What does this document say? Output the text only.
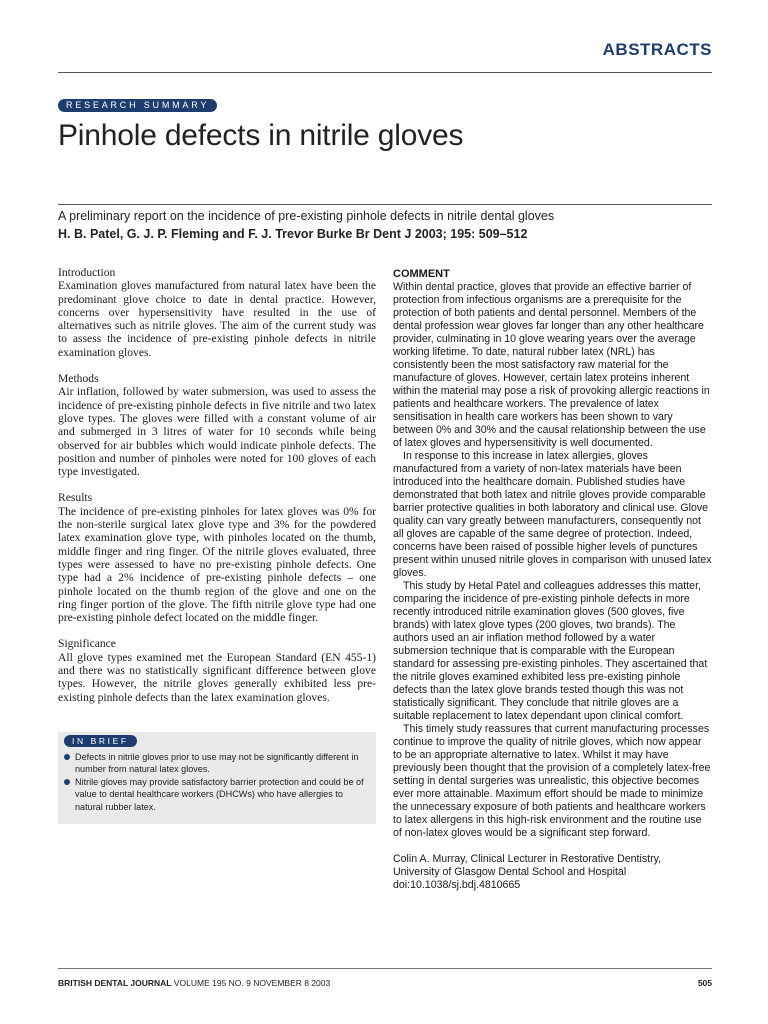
ABSTRACTS
RESEARCH SUMMARY
Pinhole defects in nitrile gloves
A preliminary report on the incidence of pre-existing pinhole defects in nitrile dental gloves
H. B. Patel, G. J. P. Fleming and F. J. Trevor Burke Br Dent J 2003; 195: 509–512
Introduction

Examination gloves manufactured from natural latex have been the predominant glove choice to date in dental practice. However, concerns over hypersensitivity have resulted in the use of alternatives such as nitrile gloves. The aim of the current study was to assess the incidence of pre-existing pinhole defects in nitrile examination gloves.

Methods

Air inflation, followed by water submersion, was used to assess the incidence of pre-existing pinhole defects in five nitrile and two latex glove types. The gloves were filled with a constant volume of air and submerged in 3 litres of water for 10 seconds while being observed for air bubbles which would indicate pinhole defects. The position and number of pinholes were noted for 100 gloves of each type investigated.

Results

The incidence of pre-existing pinholes for latex gloves was 0% for the non-sterile surgical latex glove type and 3% for the powdered latex examination glove type, with pinholes located on the thumb, middle finger and ring finger. Of the nitrile gloves evaluated, three types were assessed to have no pre-existing pinhole defects. One type had a 2% incidence of pre-existing pinhole defects – one pinhole located on the thumb region of the glove and one on the ring finger portion of the glove. The fifth nitrile glove type had one pre-existing pinhole defect located on the middle finger.

Significance

All glove types examined met the European Standard (EN 455-1) and there was no statistically significant difference between glove types. However, the nitrile gloves generally exhibited less pre-existing pinhole defects than the latex examination gloves.

IN BRIEF
Defects in nitrile gloves prior to use may not be significantly different in number from natural latex gloves.
Nitrile gloves may provide satisfactory barrier protection and could be of value to dental healthcare workers (DHCWs) who have allergies to natural rubber latex.
COMMENT

Within dental practice, gloves that provide an effective barrier of protection from infectious organisms are a prerequisite for the protection of both patients and dental personnel. Members of the dental profession wear gloves far longer than any other healthcare provider, culminating in 10 glove wearing years over the average working lifetime. To date, natural rubber latex (NRL) has consistently been the most satisfactory raw material for the manufacture of gloves. However, certain latex proteins inherent within the material may pose a risk of provoking allergic reactions in patients and healthcare workers. The prevalence of latex sensitisation in health care workers has been shown to vary between 0% and 30% and the causal relationship between the use of latex gloves and hypersensitivity is well documented.

In response to this increase in latex allergies, gloves manufactured from a variety of non-latex materials have been introduced into the healthcare domain. Published studies have demonstrated that both latex and nitrile gloves provide comparable barrier protective qualities in both laboratory and clinical use. Glove quality can vary greatly between manufacturers, consequently not all gloves are capable of the same degree of protection. Indeed, concerns have been raised of possible higher levels of punctures present within unused nitrile gloves in comparison with unused latex gloves.

This study by Hetal Patel and colleagues addresses this matter, comparing the incidence of pre-existing pinhole defects in more recently introduced nitrile examination gloves (500 gloves, five brands) with latex glove types (200 gloves, two brands). The authors used an air inflation method followed by a water submersion technique that is comparable with the European standard for assessing pre-existing pinholes. They ascertained that the nitrile gloves examined exhibited less pre-existing pinhole defects than the latex glove brands tested though this was not statistically significant. They conclude that nitrile gloves are a suitable replacement to latex dependant upon clinical comfort.

This timely study reassures that current manufacturing processes continue to improve the quality of nitrile gloves, which now appear to be an appropriate alternative to latex. Whilst it may have previously been thought that the provision of a completely latex-free setting in dental surgeries was unrealistic, this objective becomes ever more attainable. Maximum effort should be made to minimize the unnecessary exposure of both patients and healthcare workers to latex allergens in this high-risk environment and the routine use of non-latex gloves would be a significant step forward.

Colin A. Murray, Clinical Lecturer in Restorative Dentistry,
University of Glasgow Dental School and Hospital
doi:10.1038/sj.bdj.4810665
BRITISH DENTAL JOURNAL VOLUME 195 NO. 9 NOVEMBER 8 2003	505
